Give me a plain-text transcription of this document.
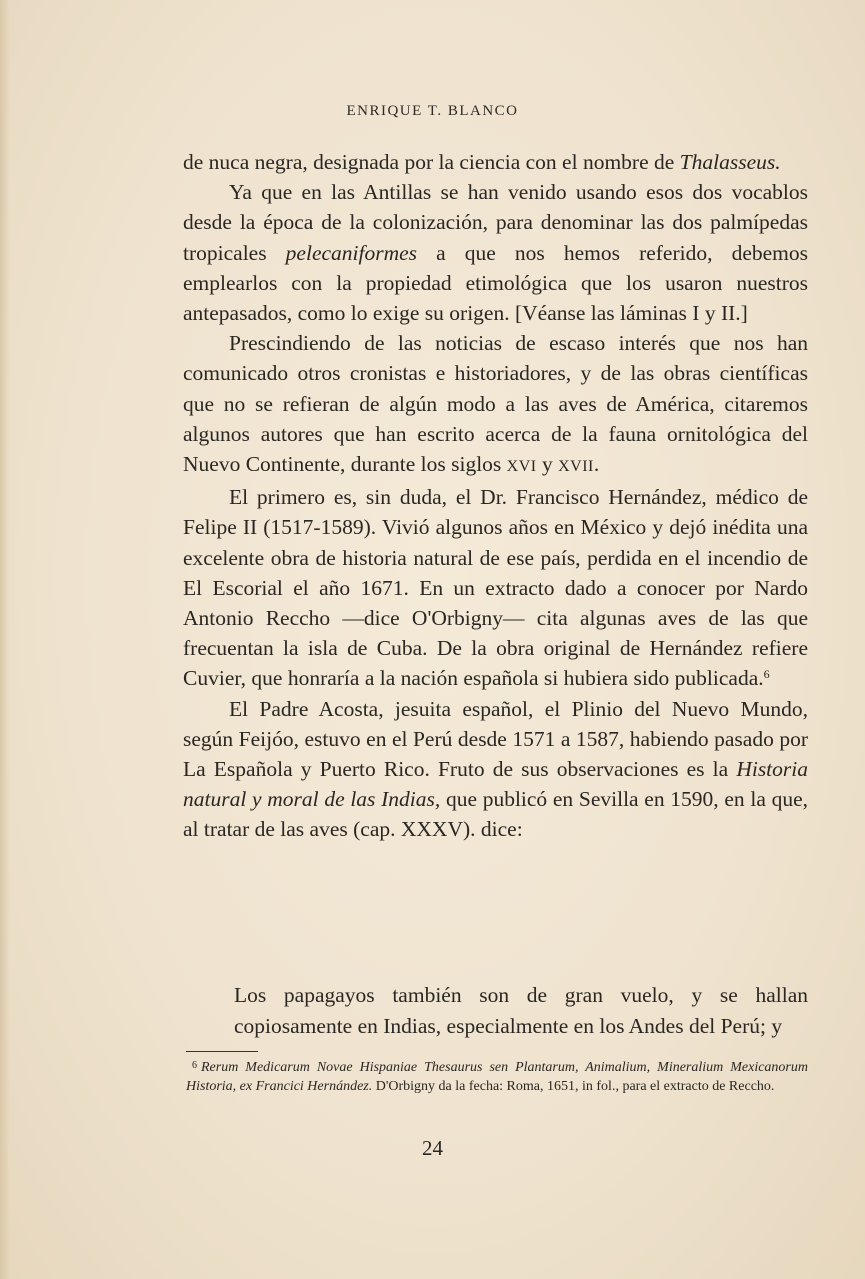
ENRIQUE T. BLANCO

de nuca negra, designada por la ciencia con el nombre de Thalasseus.

Ya que en las Antillas se han venido usando esos dos vocablos desde la época de la colonización, para denominar las dos palmípedas tropicales pelecaniformes a que nos hemos referido, debemos emplearlos con la propiedad etimológica que los usaron nuestros antepasados, como lo exige su origen. [Véanse las láminas I y II.]

Prescindiendo de las noticias de escaso interés que nos han comunicado otros cronistas e historiadores, y de las obras científicas que no se refieran de algún modo a las aves de América, citaremos algunos autores que han escrito acerca de la fauna ornitológica del Nuevo Continente, durante los siglos XVI y XVII.

El primero es, sin duda, el Dr. Francisco Hernández, médico de Felipe II (1517-1589). Vivió algunos años en México y dejó inédita una excelente obra de historia natural de ese país, perdida en el incendio de El Escorial el año 1671. En un extracto dado a conocer por Nardo Antonio Reccho —dice O'Orbigny— cita algunas aves de las que frecuentan la isla de Cuba. De la obra original de Hernández refiere Cuvier, que honraría a la nación española si hubiera sido publicada.$^6$

El Padre Acosta, jesuita español, el Plinio del Nuevo Mundo, según Feijóo, estuvo en el Perú desde 1571 a 1587, habiendo pasado por La Española y Puerto Rico. Fruto de sus observaciones es la Historia natural y moral de las Indias, que publicó en Sevilla en 1590, en la que, al tratar de las aves (cap. XXXV). dice:

Los papagayos también son de gran vuelo, y se hallan copiosamente en Indias, especialmente en los Andes del Perú; y

$^6$ Rerum Medicarum Novae Hispaniae Thesaurus sen Plantarum, Animalium, Mineralium Mexicanorum Historia, ex Francici Hernández. D'Orbigny da la fecha: Roma, 1651, in fol., para el extracto de Reccho.

24
